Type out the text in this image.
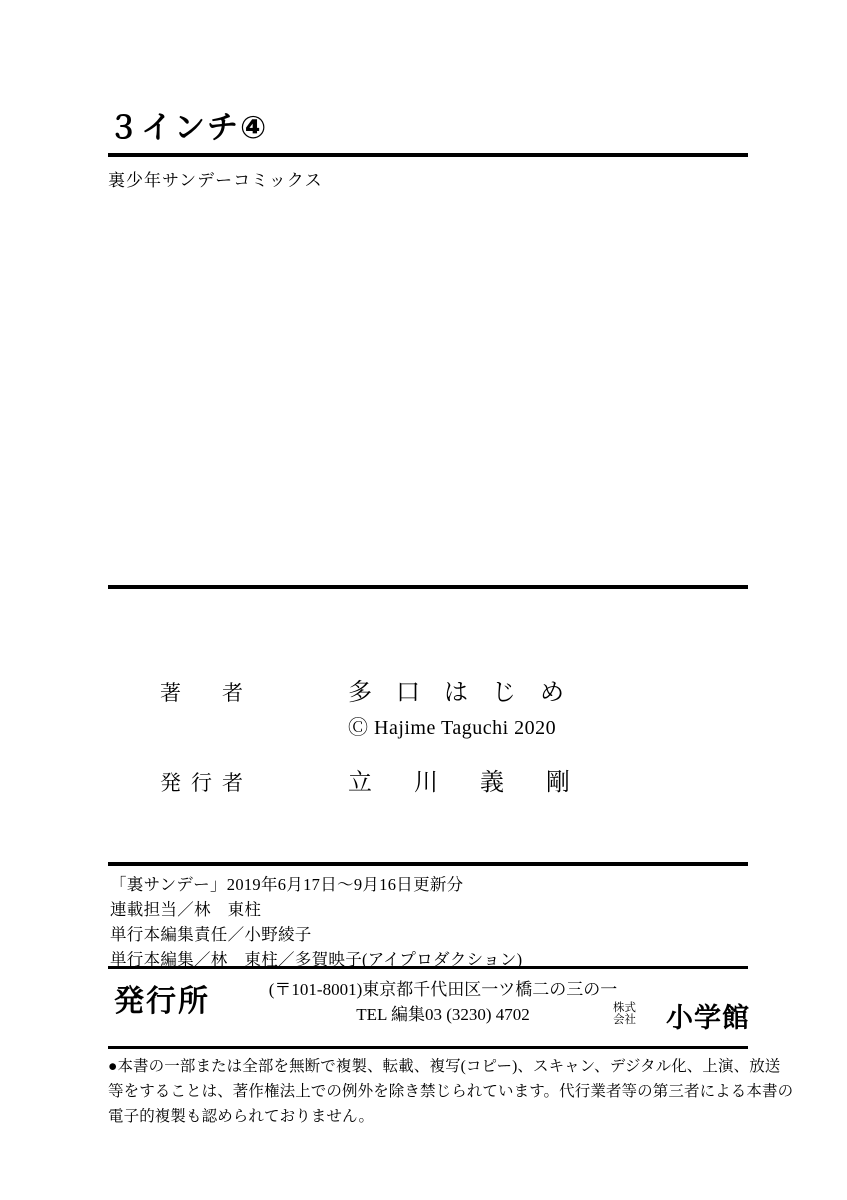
３インチ④
裏少年サンデーコミックス
著　者	多 口 は じ め
Ⓒ Hajime Taguchi 2020
発行者	立　川　義　剛
「裏サンデー」2019年6月17日〜9月16日更新分
連載担当／林　東柱
単行本編集責任／小野綾子
単行本編集／林　東柱／多賀映子(アイプロダクション)
発行所	(〒101-8001)東京都千代田区一ツ橋二の三の一
TEL 編集03 (3230) 4702	株式
会社 小学館
●本書の一部または全部を無断で複製、転載、複写(コピー)、スキャン、デジタル化、上演、放送
等をすることは、著作権法上での例外を除き禁じられています。代行業者等の第三者による本書の
電子的複製も認められておりません。
